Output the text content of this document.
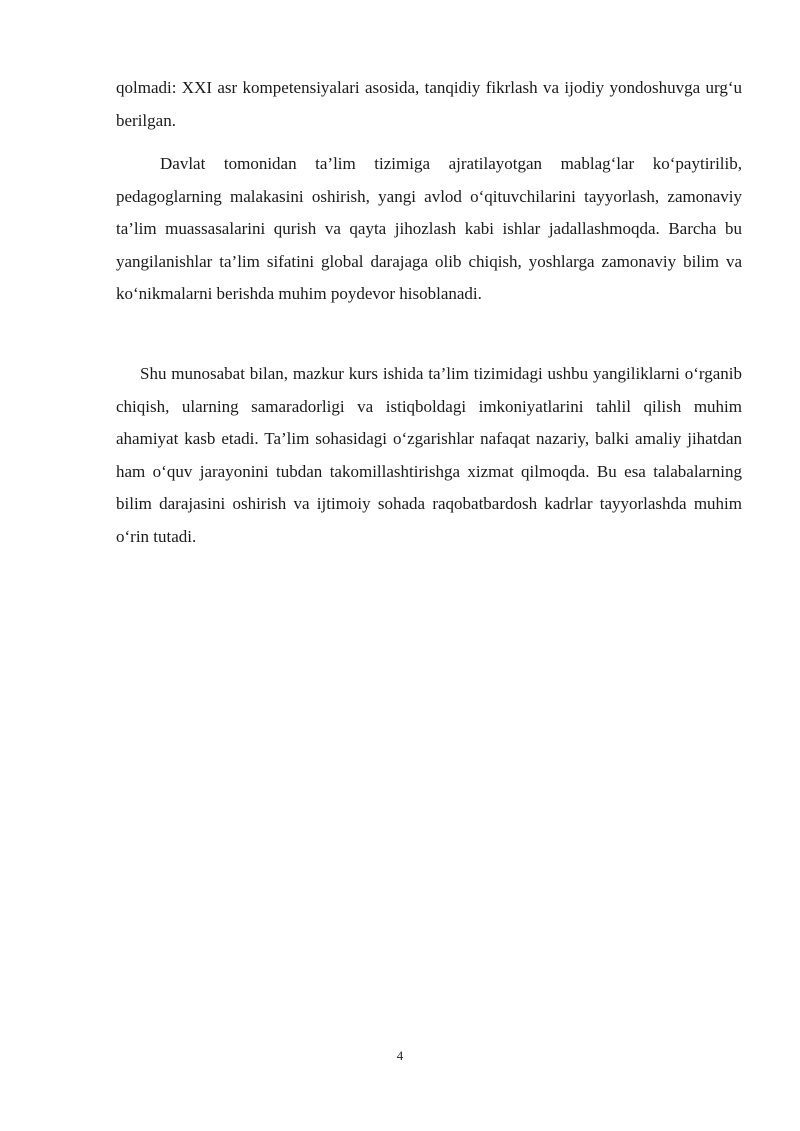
qolmadi: XXI asr kompetensiyalari asosida, tanqidiy fikrlash va ijodiy yondoshuvga urg‘u berilgan.

Davlat tomonidan ta’lim tizimiga ajratilayotgan mablag‘lar ko‘paytirilib, pedagoglarning malakasini oshirish, yangi avlod o‘qituvchilarini tayyorlash, zamonaviy ta’lim muassasalarini qurish va qayta jihozlash kabi ishlar jadallashmoqda. Barcha bu yangilanishlar ta’lim sifatini global darajaga olib chiqish, yoshlarga zamonaviy bilim va ko‘nikmalarni berishda muhim poydevor hisoblanadi.

Shu munosabat bilan, mazkur kurs ishida ta’lim tizimidagi ushbu yangiliklarni o‘rganib chiqish, ularning samaradorligi va istiqboldagi imkoniyatlarini tahlil qilish muhim ahamiyat kasb etadi. Ta’lim sohasidagi o‘zgarishlar nafaqat nazariy, balki amaliy jihatdan ham o‘quv jarayonini tubdan takomillashtirishga xizmat qilmoqda. Bu esa talabalarning bilim darajasini oshirish va ijtimoiy sohada raqobatbardosh kadrlar tayyorlashda muhim o‘rin tutadi.

4
